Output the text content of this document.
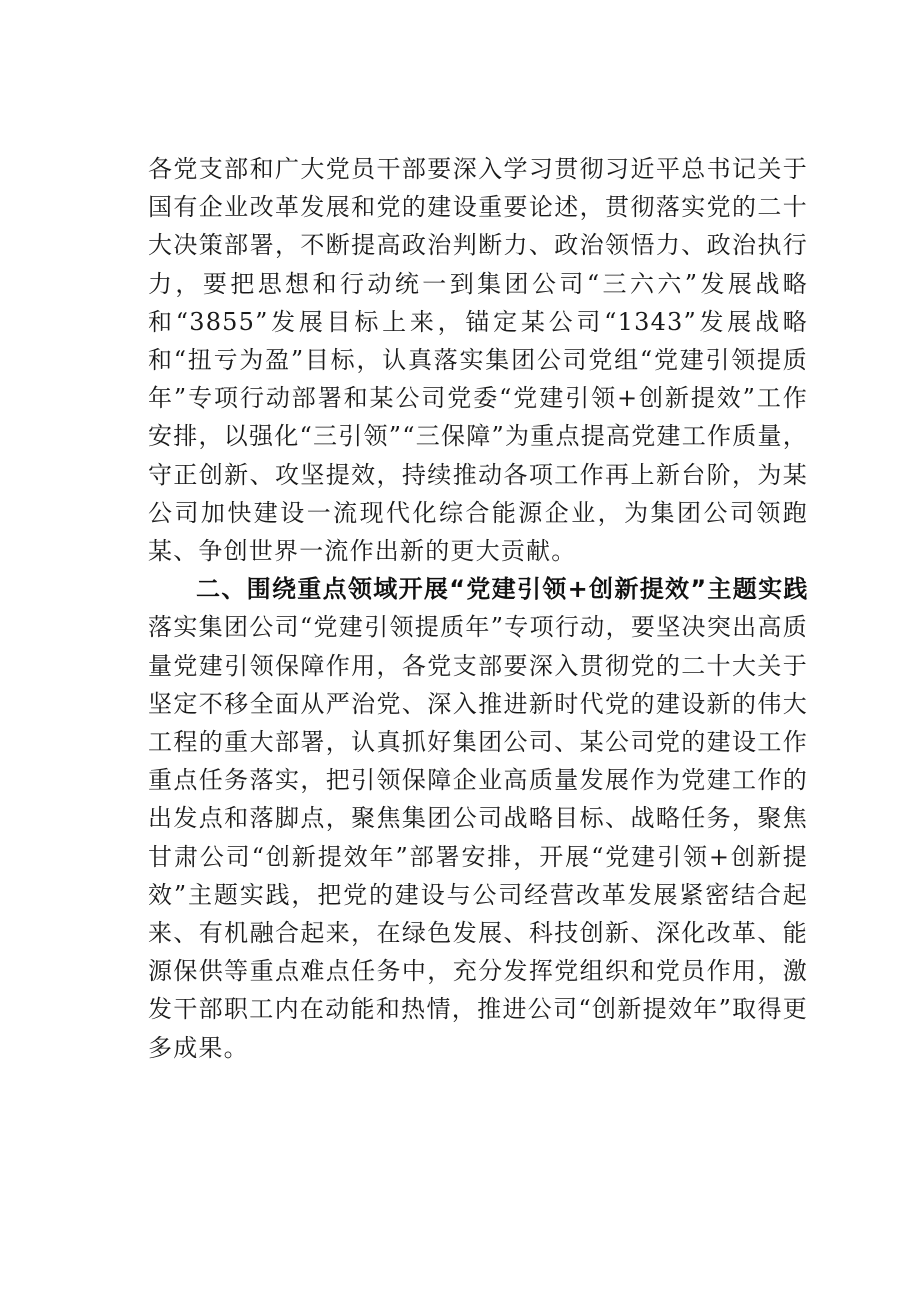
各党支部和广大党员干部要深入学习贯彻习近平总书记关于国有企业改革发展和党的建设重要论述，贯彻落实党的二十大决策部署，不断提高政治判断力、政治领悟力、政治执行力，要把思想和行动统一到集团公司“三六六”发展战略和“3855”发展目标上来，锚定某公司“1343”发展战略和“扭亏为盈”目标，认真落实集团公司党组“党建引领提质年”专项行动部署和某公司党委“党建引领+创新提效”工作安排，以强化“三引领”“三保障”为重点提高党建工作质量，守正创新、攻坚提效，持续推动各项工作再上新台阶，为某公司加快建设一流现代化综合能源企业，为集团公司领跑某、争创世界一流作出新的更大贡献。

二、围绕重点领域开展“党建引领+创新提效”主题实践落实集团公司“党建引领提质年”专项行动，要坚决突出高质量党建引领保障作用，各党支部要深入贯彻党的二十大关于坚定不移全面从严治党、深入推进新时代党的建设新的伟大工程的重大部署，认真抓好集团公司、某公司党的建设工作重点任务落实，把引领保障企业高质量发展作为党建工作的出发点和落脚点，聚焦集团公司战略目标、战略任务，聚焦甘肃公司“创新提效年”部署安排，开展“党建引领+创新提效”主题实践，把党的建设与公司经营改革发展紧密结合起来、有机融合起来，在绿色发展、科技创新、深化改革、能源保供等重点难点任务中，充分发挥党组织和党员作用，激发干部职工内在动能和热情，推进公司“创新提效年”取得更多成果。
